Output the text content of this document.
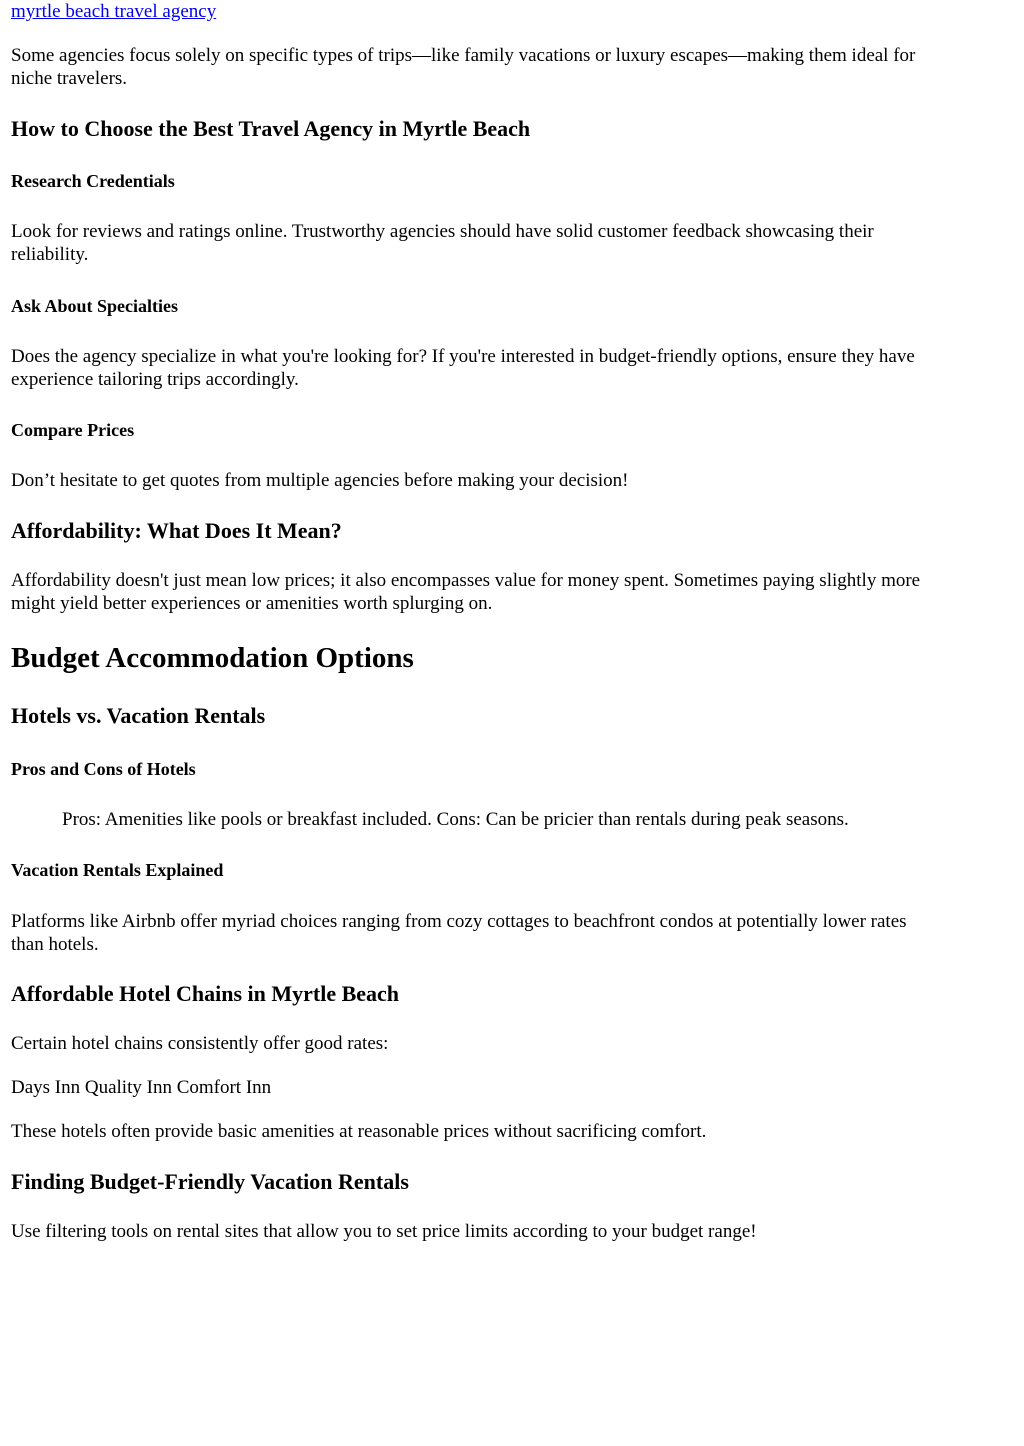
myrtle beach travel agency

Some agencies focus solely on specific types of trips—like family vacations or luxury escapes—making them ideal for

niche travelers.

How to Choose the Best Travel Agency in Myrtle Beach
Research Credentials

Look for reviews and ratings online. Trustworthy agencies should have solid customer feedback showcasing their

reliability.

Ask About Specialties

Does the agency specialize in what you're looking for? If you're interested in budget-friendly options, ensure they have

experience tailoring trips accordingly.

Compare Prices

Don’t hesitate to get quotes from multiple agencies before making your decision!

Affordability: What Does It Mean?

Affordability doesn't just mean low prices; it also encompasses value for money spent. Sometimes paying slightly more

might yield better experiences or amenities worth splurging on.

Budget Accommodation Options
Hotels vs. Vacation Rentals
Pros and Cons of Hotels

Pros: Amenities like pools or breakfast included. Cons: Can be pricier than rentals during peak seasons.

Vacation Rentals Explained

Platforms like Airbnb offer myriad choices ranging from cozy cottages to beachfront condos at potentially lower rates

than hotels.

Affordable Hotel Chains in Myrtle Beach

Certain hotel chains consistently offer good rates:

Days Inn Quality Inn Comfort Inn

These hotels often provide basic amenities at reasonable prices without sacrificing comfort.

Finding Budget-Friendly Vacation Rentals

Use filtering tools on rental sites that allow you to set price limits according to your budget range!
